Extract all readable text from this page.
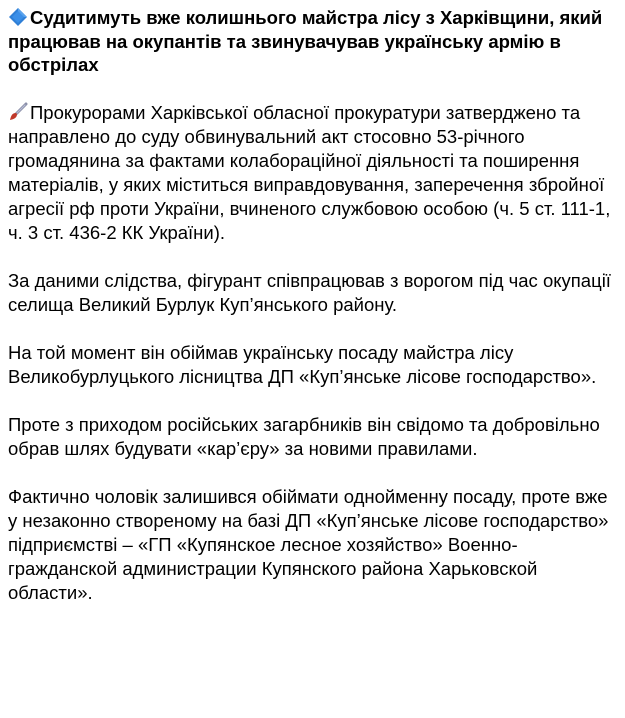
Судитимуть вже колишнього майстра лісу з Харківщини, який працював на окупантів та звинувачував українську армію в обстрілах

Прокурорами Харківської обласної прокуратури затверджено та направлено до суду обвинувальний акт стосовно 53-річного громадянина за фактами колабораційної діяльності та поширення матеріалів, у яких міститься виправдовування, заперечення збройної агресії рф проти України, вчиненого службовою особою (ч. 5 ст. 111-1, ч. 3 ст. 436-2 КК України).

За даними слідства, фігурант співпрацював з ворогом під час окупації селища Великий Бурлук Куп’янського району.

На той момент він обіймав українську посаду майстра лісу Великобурлуцького лісництва ДП «Куп’янське лісове господарство».

Проте з приходом російських загарбників він свідомо та добровільно обрав шлях будувати «кар’єру» за новими правилами.

Фактично чоловік залишився обіймати однойменну посаду, проте вже у незаконно створеному на базі ДП «Куп’янське лісове господарство» підприємстві – «ГП «Купянское лесное хозяйство» Военно-гражданской администрации Купянского района Харьковской области».
